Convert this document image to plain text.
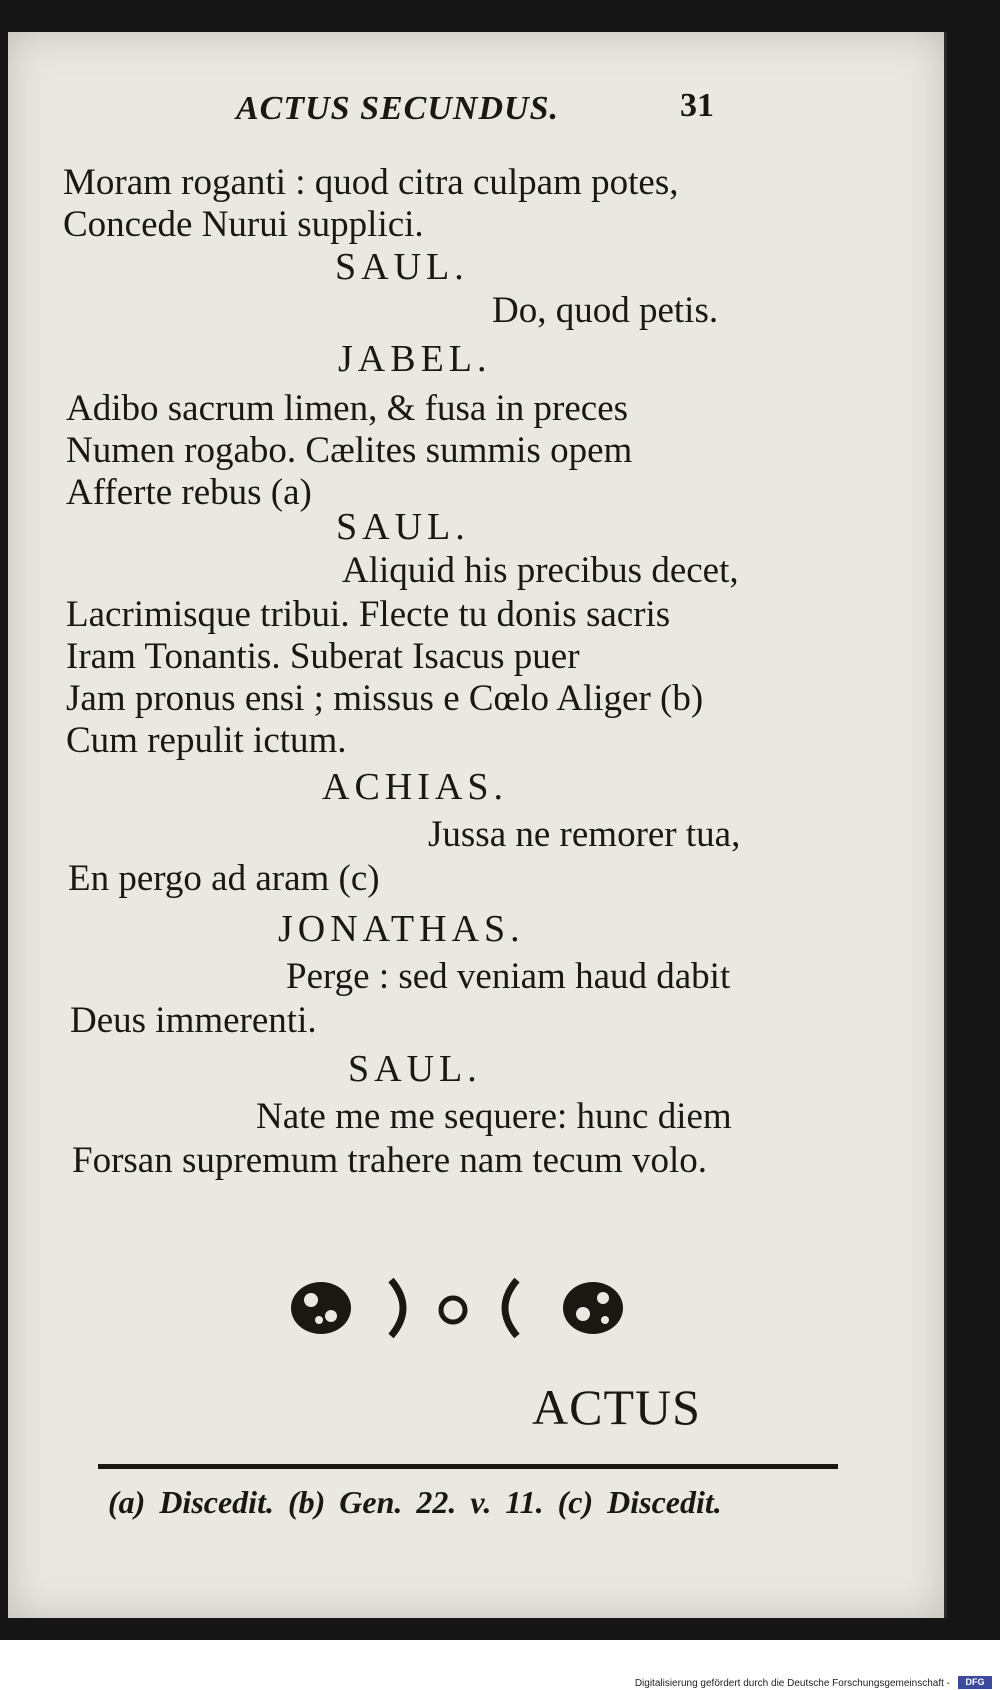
ACTUS SECUNDUS.	31
Moram roganti : quod citra culpam potes,
Concede Nurui supplici.
SAUL.
Do, quod petis.
JABEL.
Adibo sacrum limen, & fusa in preces
Numen rogabo. Cælites summis opem
Afferte rebus (a)
SAUL.
Aliquid his precibus decet,
Lacrimisque tribui. Flecte tu donis sacris
Iram Tonantis. Suberat Isacus puer
Jam pronus ensi ; missus e Cœlo Aliger (b)
Cum repulit ictum.
ACHIAS.
Jussa ne remorer tua,
En pergo ad aram (c)
JONATHAS.
Perge : sed veniam haud dabit
Deus immerenti.
SAUL.
Nate me me sequere: hunc diem
Forsan supremum trahere nam tecum volo.
ACTUS
(a) Discedit. (b) Gen. 22. v. 11. (c) Discedit.
Digitalisierung gefördert durch die Deutsche Forschungsgemeinschaft -	DFG
